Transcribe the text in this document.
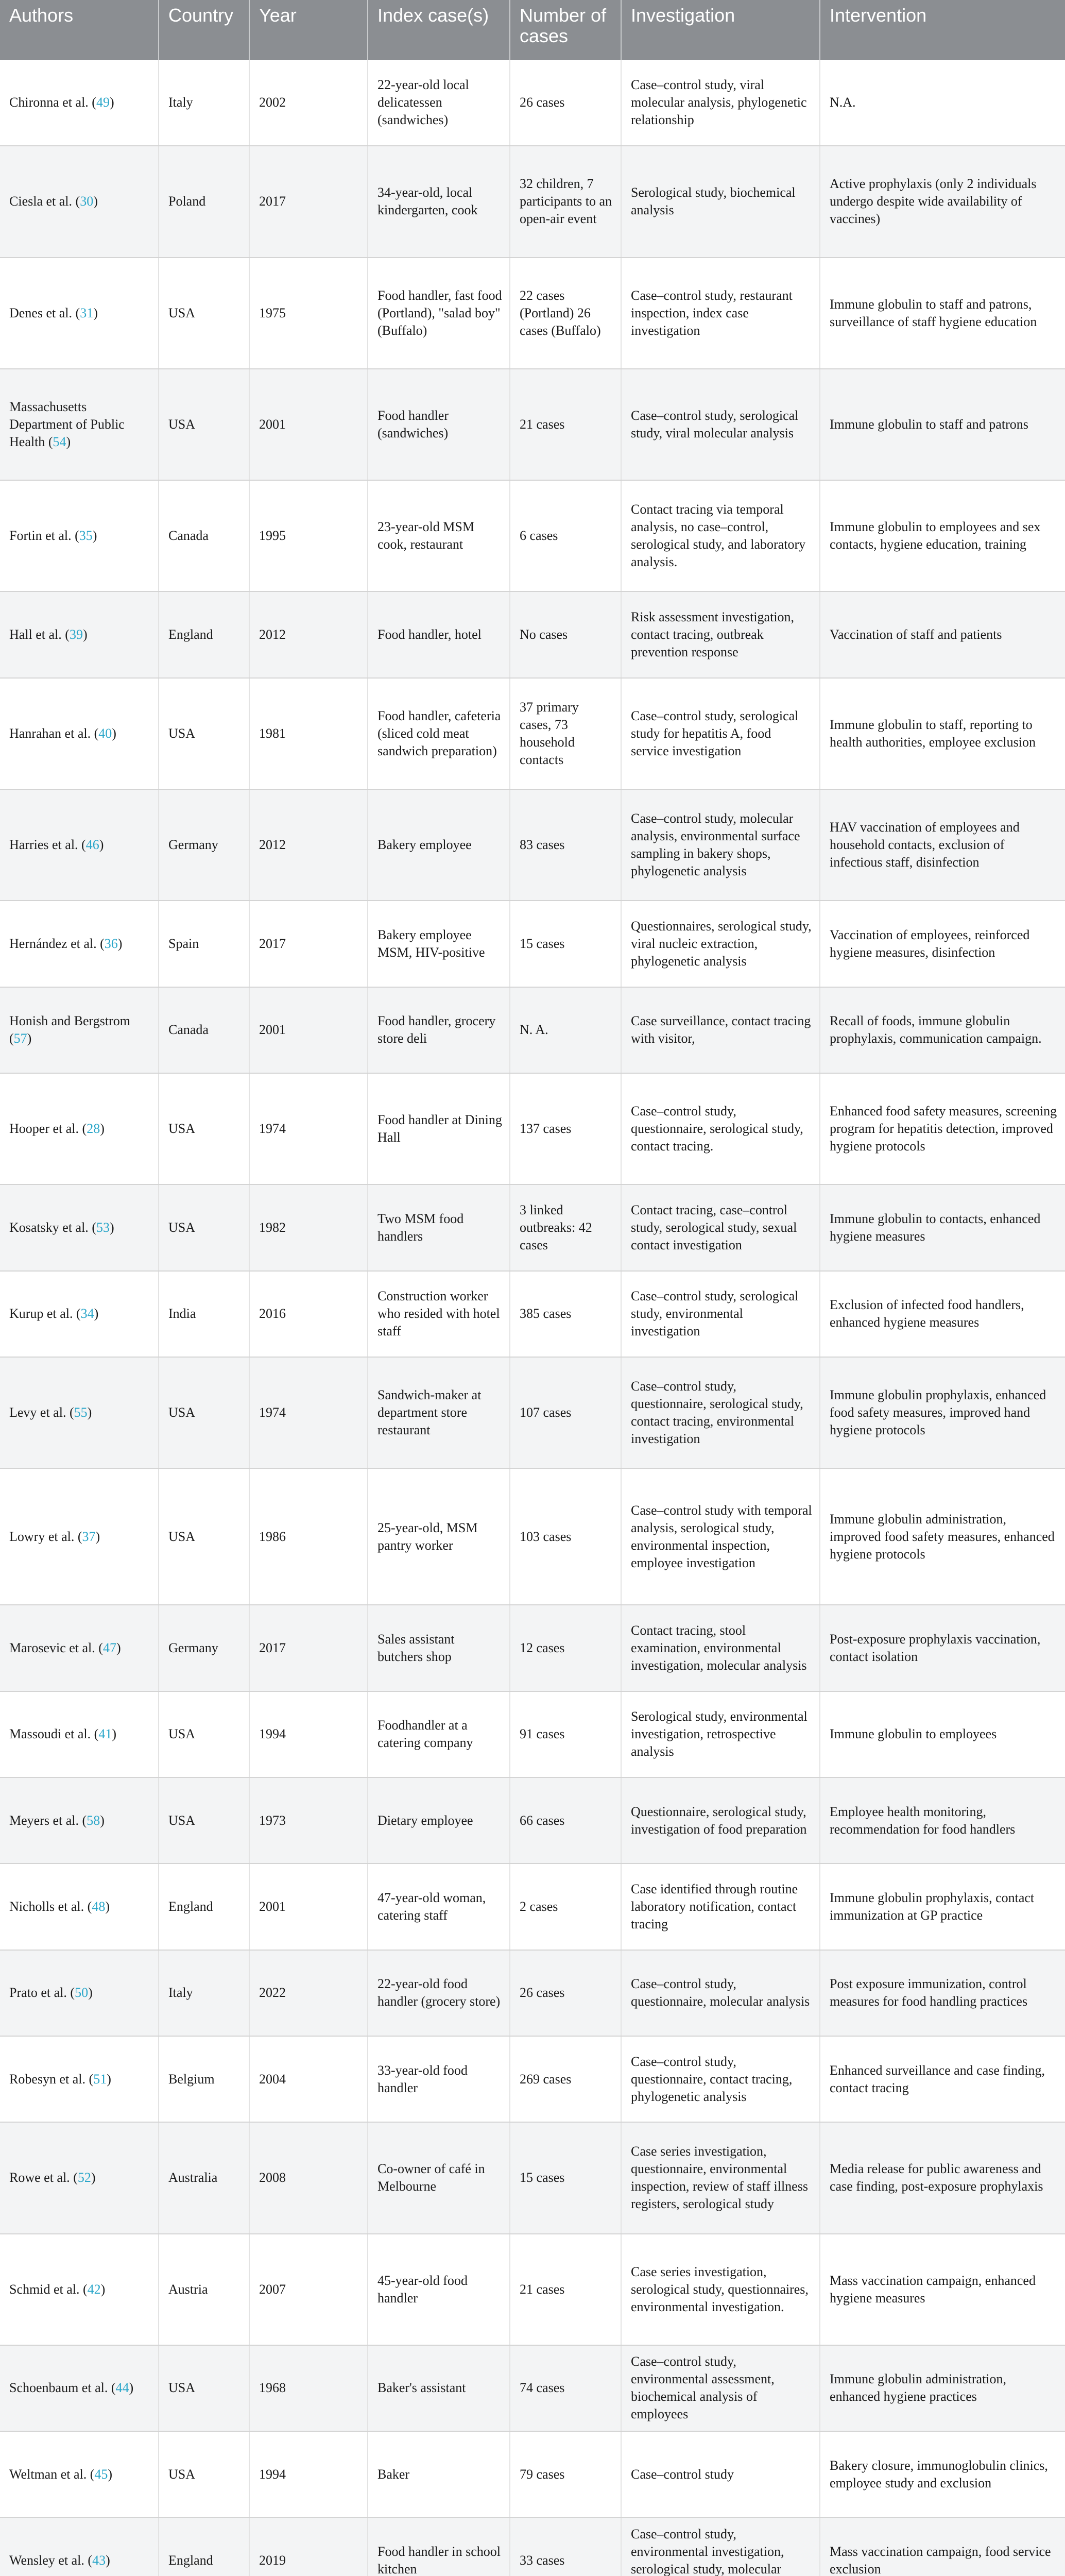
Authors	Country	Year	Index case(s)	Number of cases	Investigation	Intervention
Chironna et al. (49)	Italy	2002	22-year-old local delicatessen (sandwiches)	26 cases	Case–control study, viral molecular analysis, phylogenetic relationship	N.A.
Ciesla et al. (30)	Poland	2017	34-year-old, local kindergarten, cook	32 children, 7 participants to an open-air event	Serological study, biochemical analysis	Active prophylaxis (only 2 individuals undergo despite wide availability of vaccines)
Denes et al. (31)	USA	1975	Food handler, fast food (Portland), "salad boy" (Buffalo)	22 cases (Portland) 26 cases (Buffalo)	Case–control study, restaurant inspection, index case investigation	Immune globulin to staff and patrons, surveillance of staff hygiene education
Massachusetts Department of Public Health (54)	USA	2001	Food handler (sandwiches)	21 cases	Case–control study, serological study, viral molecular analysis	Immune globulin to staff and patrons
Fortin et al. (35)	Canada	1995	23-year-old MSM cook, restaurant	6 cases	Contact tracing via temporal analysis, no case–control, serological study, and laboratory analysis.	Immune globulin to employees and sex contacts, hygiene education, training
Hall et al. (39)	England	2012	Food handler, hotel	No cases	Risk assessment investigation, contact tracing, outbreak prevention response	Vaccination of staff and patients
Hanrahan et al. (40)	USA	1981	Food handler, cafeteria (sliced cold meat sandwich preparation)	37 primary cases, 73 household contacts	Case–control study, serological study for hepatitis A, food service investigation	Immune globulin to staff, reporting to health authorities, employee exclusion
Harries et al. (46)	Germany	2012	Bakery employee	83 cases	Case–control study, molecular analysis, environmental surface sampling in bakery shops, phylogenetic analysis	HAV vaccination of employees and household contacts, exclusion of infectious staff, disinfection
Hernández et al. (36)	Spain	2017	Bakery employee MSM, HIV-positive	15 cases	Questionnaires, serological study, viral nucleic extraction, phylogenetic analysis	Vaccination of employees, reinforced hygiene measures, disinfection
Honish and Bergstrom (57)	Canada	2001	Food handler, grocery store deli	N. A.	Case surveillance, contact tracing with visitor,	Recall of foods, immune globulin prophylaxis, communication campaign.
Hooper et al. (28)	USA	1974	Food handler at Dining Hall	137 cases	Case–control study, questionnaire, serological study, contact tracing.	Enhanced food safety measures, screening program for hepatitis detection, improved hygiene protocols
Kosatsky et al. (53)	USA	1982	Two MSM food handlers	3 linked outbreaks: 42 cases	Contact tracing, case–control study, serological study, sexual contact investigation	Immune globulin to contacts, enhanced hygiene measures
Kurup et al. (34)	India	2016	Construction worker who resided with hotel staff	385 cases	Case–control study, serological study, environmental investigation	Exclusion of infected food handlers, enhanced hygiene measures
Levy et al. (55)	USA	1974	Sandwich-maker at department store restaurant	107 cases	Case–control study, questionnaire, serological study, contact tracing, environmental investigation	Immune globulin prophylaxis, enhanced food safety measures, improved hand hygiene protocols
Lowry et al. (37)	USA	1986	25-year-old, MSM pantry worker	103 cases	Case–control study with temporal analysis, serological study, environmental inspection, employee investigation	Immune globulin administration, improved food safety measures, enhanced hygiene protocols
Marosevic et al. (47)	Germany	2017	Sales assistant butchers shop	12 cases	Contact tracing, stool examination, environmental investigation, molecular analysis	Post-exposure prophylaxis vaccination, contact isolation
Massoudi et al. (41)	USA	1994	Foodhandler at a catering company	91 cases	Serological study, environmental investigation, retrospective analysis	Immune globulin to employees
Meyers et al. (58)	USA	1973	Dietary employee	66 cases	Questionnaire, serological study, investigation of food preparation	Employee health monitoring, recommendation for food handlers
Nicholls et al. (48)	England	2001	47-year-old woman, catering staff	2 cases	Case identified through routine laboratory notification, contact tracing	Immune globulin prophylaxis, contact immunization at GP practice
Prato et al. (50)	Italy	2022	22-year-old food handler (grocery store)	26 cases	Case–control study, questionnaire, molecular analysis	Post exposure immunization, control measures for food handling practices
Robesyn et al. (51)	Belgium	2004	33-year-old food handler	269 cases	Case–control study, questionnaire, contact tracing, phylogenetic analysis	Enhanced surveillance and case finding, contact tracing
Rowe et al. (52)	Australia	2008	Co-owner of café in Melbourne	15 cases	Case series investigation, questionnaire, environmental inspection, review of staff illness registers, serological study	Media release for public awareness and case finding, post-exposure prophylaxis
Schmid et al. (42)	Austria	2007	45-year-old food handler	21 cases	Case series investigation, serological study, questionnaires, environmental investigation.	Mass vaccination campaign, enhanced hygiene measures
Schoenbaum et al. (44)	USA	1968	Baker's assistant	74 cases	Case–control study, environmental assessment, biochemical analysis of employees	Immune globulin administration, enhanced hygiene practices
Weltman et al. (45)	USA	1994	Baker	79 cases	Case–control study	Bakery closure, immunoglobulin clinics, employee study and exclusion
Wensley et al. (43)	England	2019	Food handler in school kitchen	33 cases	Case–control study, environmental investigation, serological study, molecular	Mass vaccination campaign, food service exclusion
